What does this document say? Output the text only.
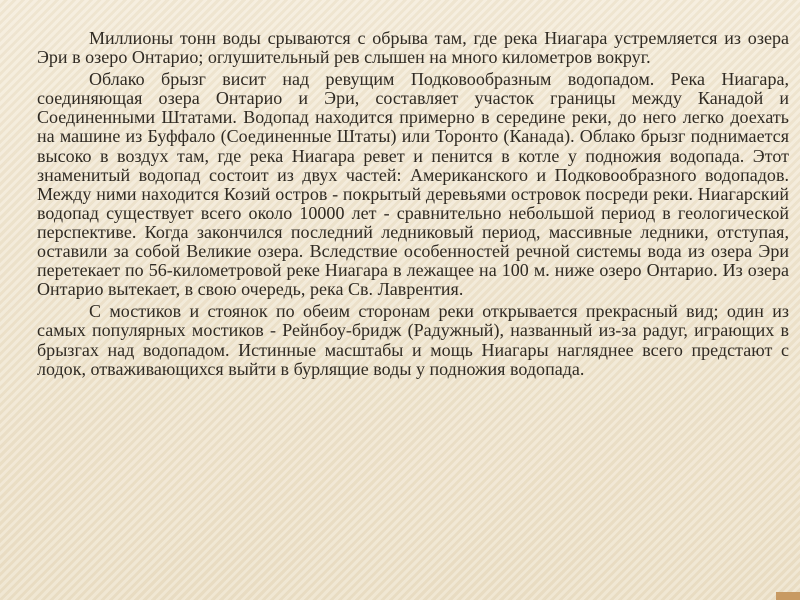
Миллионы тонн воды срываются с обрыва там, где река Ниагара устремляется из озера Эри в озеро Онтарио; оглушительный рев слышен на много километров вокруг.

Облако брызг висит над ревущим Подковообразным водопадом. Река Ниагара, соединяющая озера Онтарио и Эри, составляет участок границы между Канадой и Соединенными Штатами. Водопад находится примерно в середине реки, до него легко доехать на машине из Буффало (Соединенные Штаты) или Торонто (Канада). Облако брызг поднимается высоко в воздух там, где река Ниагара ревет и пенится в котле у подножия водопада. Этот знаменитый водопад состоит из двух частей: Американского и Подковообразного водопадов. Между ними находится Козий остров - покрытый деревьями островок посреди реки. Ниагарский водопад существует всего около 10000 лет - сравнительно небольшой период в геологической перспективе. Когда закончился последний ледниковый период, массивные ледники, отступая, оставили за собой Великие озера. Вследствие особенностей речной системы вода из озера Эри перетекает по 56-километровой реке Ниагара в лежащее на 100 м. ниже озеро Онтарио. Из озера Онтарио вытекает, в свою очередь, река Св. Лаврентия.

С мостиков и стоянок по обеим сторонам реки открывается прекрасный вид; один из самых популярных мостиков - Рейнбоу-бридж (Радужный), названный из-за радуг, играющих в брызгах над водопадом. Истинные масштабы и мощь Ниагары нагляднее всего предстают с лодок, отваживающихся выйти в бурлящие воды у подножия водопада.
